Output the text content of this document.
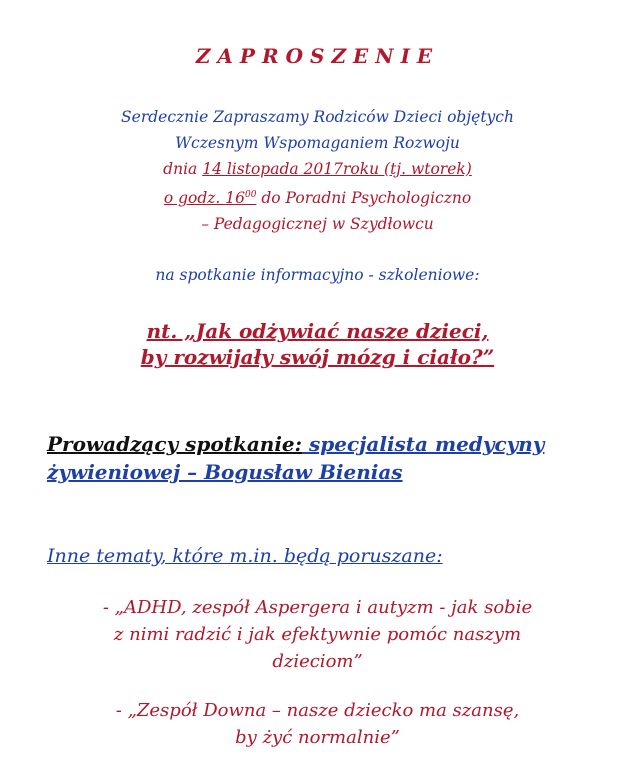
ZAPROSZENIE
Serdecznie Zapraszamy Rodziców Dzieci objętych
Wczesnym Wspomaganiem Rozwoju
dnia 14 listopada 2017roku (tj. wtorek)
o godz. $16^{00}$ do Poradni Psychologiczno
– Pedagogicznej w Szydłowcu
na spotkanie informacyjno - szkoleniowe:
nt. „Jak odżywiać nasze dzieci,
by rozwijały swój mózg i ciało?”
Prowadzący spotkanie: specjalista medycyny
żywieniowej – Bogusław Bienias
Inne tematy, które m.in. będą poruszane:
- „ADHD, zespół Aspergera i autyzm - jak sobie
z nimi radzić i jak efektywnie pomóc naszym
dzieciom”
- „Zespół Downa – nasze dziecko ma szansę,
by żyć normalnie”
